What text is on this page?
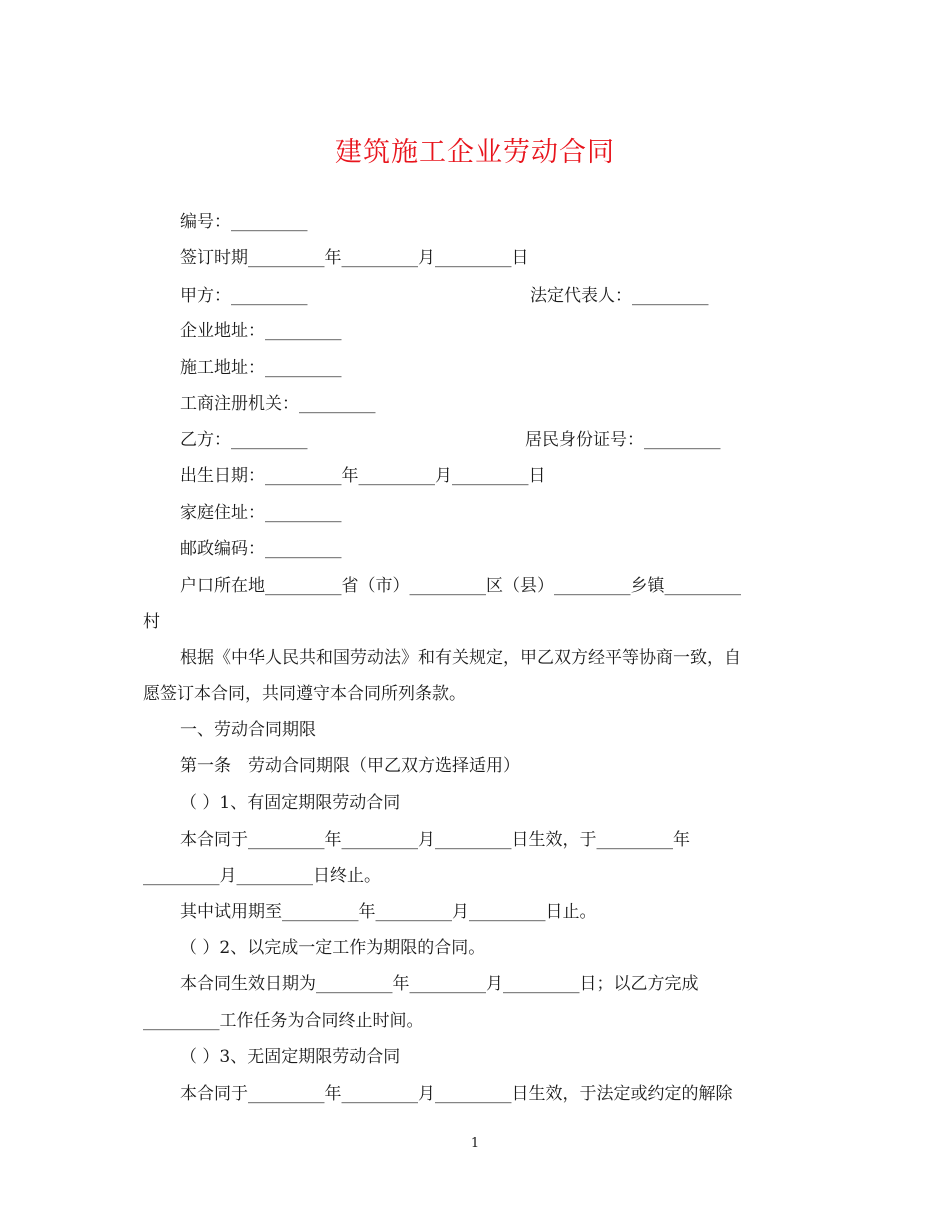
建筑施工企业劳动合同
编号：_________
签订时期_________年_________月_________日
甲方：_________	法定代表人：_________
企业地址：_________
施工地址：_________
工商注册机关：_________
乙方：_________	居民身份证号：_________
出生日期：_________年_________月_________日
家庭住址：_________
邮政编码：_________
户口所在地_________省（市）_________区（县）_________乡镇_________
村
根据《中华人民共和国劳动法》和有关规定，甲乙双方经平等协商一致，自
愿签订本合同，共同遵守本合同所列条款。
一、劳动合同期限
第一条　劳动合同期限（甲乙双方选择适用）
（ ）1、有固定期限劳动合同
本合同于_________年_________月_________日生效，于_________年
_________月_________日终止。
其中试用期至_________年_________月_________日止。
（ ）2、以完成一定工作为期限的合同。
本合同生效日期为_________年_________月_________日；以乙方完成
_________工作任务为合同终止时间。
（ ）3、无固定期限劳动合同
本合同于_________年_________月_________日生效，于法定或约定的解除
1
